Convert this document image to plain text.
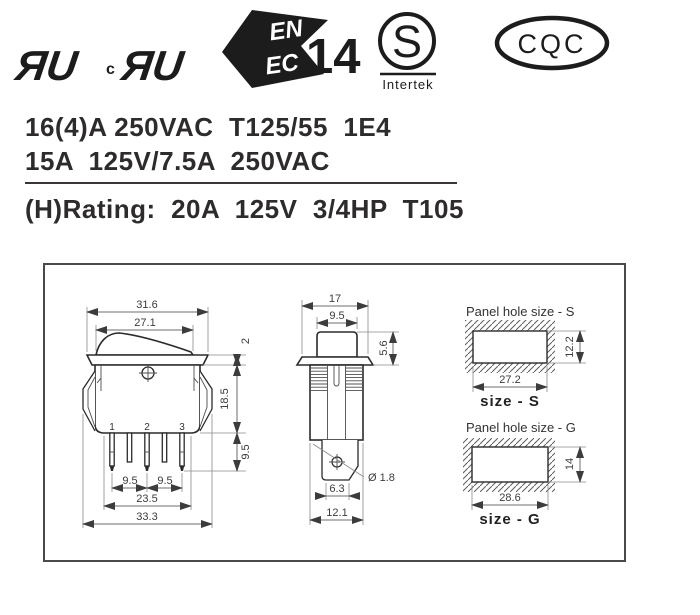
ЯU c ЯU
EN
EC 14 S
Intertek
CQC
16(4)A 250VAC  T125/55  1E4
15A  125V/7.5A  250VAC
(H)Rating:  20A  125V  3/4HP  T105
1	2	3
31.6
27.1
2
18.5
9.5
9.5 9.5
23.5
33.3
Ø 1.8
17
9.5
5.6
6.3
12.1
Panel hole size - S
12.2
27.2
size - S
Panel hole size - G
14
28.6
size - G
